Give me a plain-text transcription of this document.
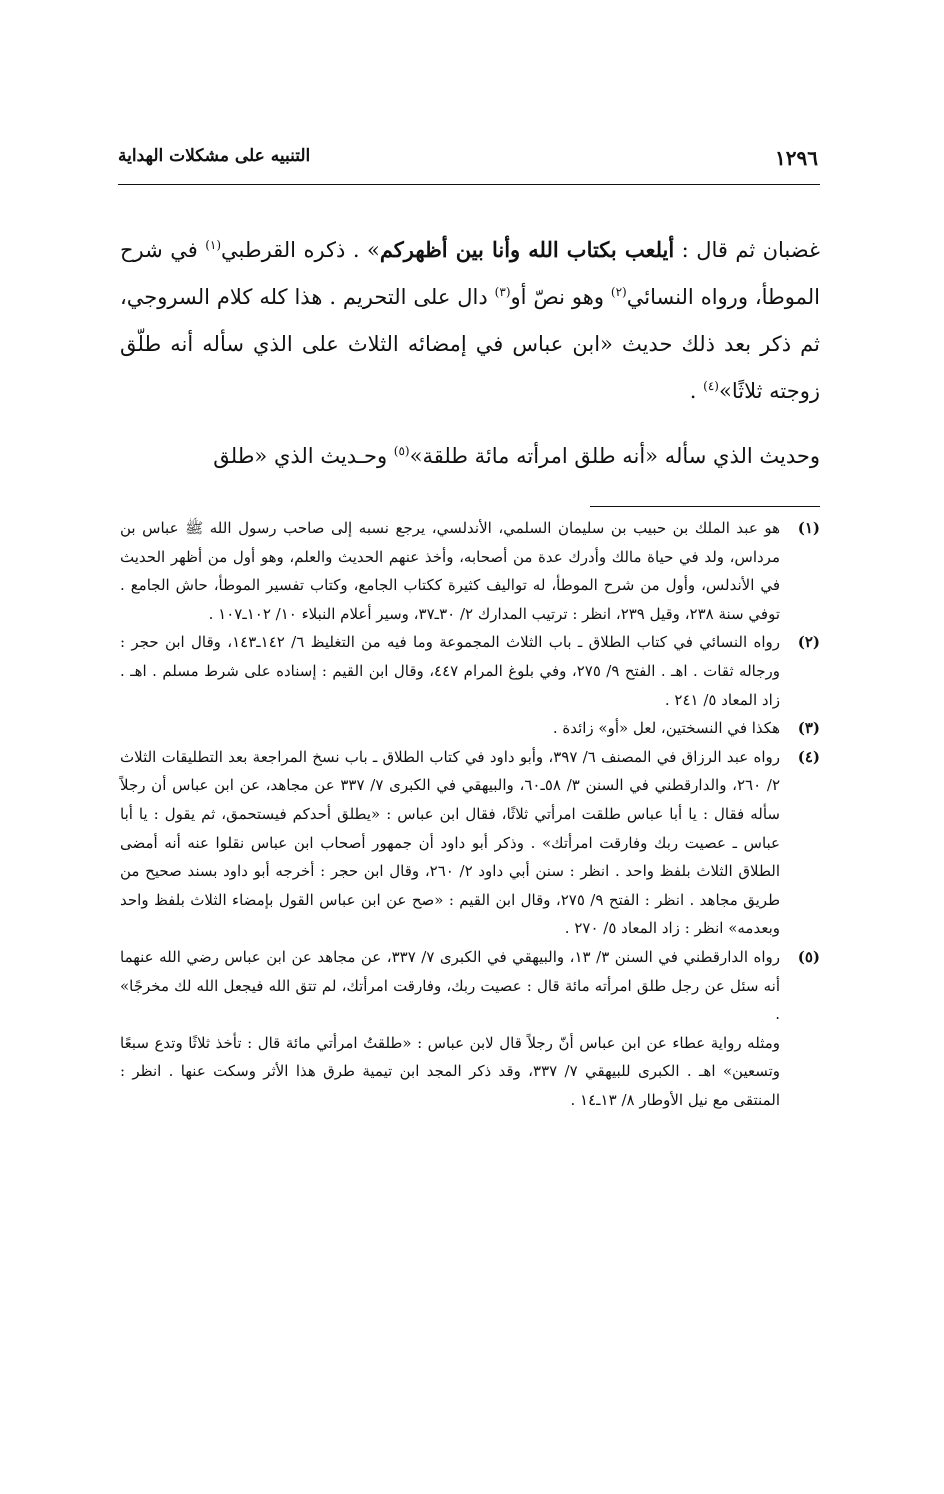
١٢٩٦
التنبيه على مشكلات الهداية

غضبان ثم قال : أيلعب بكتاب الله وأنا بين أظهركم» . ذكره القرطبي$^{(١)}$ في شرح الموطأ، ورواه النسائي$^{(٢)}$ وهو نصّ أو$^{(٣)}$ دال على التحريم . هذا كله كلام السروجي، ثم ذكر بعد ذلك حديث «ابن عباس في إمضائه الثلاث على الذي سأله أنه طلّق زوجته ثلاثًا»$^{(٤)}$ .

وحديث الذي سأله «أنه طلق امرأته مائة طلقة»$^{(٥)}$ وحـديث الذي «طلق

(١)
هو عبد الملك بن حبيب بن سليمان السلمي، الأندلسي، يرجع نسبه إلى صاحب رسول الله ﷺ عباس بن مرداس، ولد في حياة مالك وأدرك عدة من أصحابه، وأخذ عنهم الحديث والعلم، وهو أول من أظهر الحديث في الأندلس، وأول من شرح الموطأ، له تواليف كثيرة ككتاب الجامع، وكتاب تفسير الموطأ، حاش الجامع . توفي سنة ٢٣٨، وقيل ٢٣٩، انظر : ترتيب المدارك ٢/ ٣٠ـ٣٧، وسير أعلام النبلاء ١٠/ ١٠٢ـ١٠٧ .
(٢)
رواه النسائي في كتاب الطلاق ـ باب الثلاث المجموعة وما فيه من التغليظ ٦/ ١٤٢ـ١٤٣، وقال ابن حجر : ورجاله ثقات . اهـ . الفتح ٩/ ٢٧٥، وفي بلوغ المرام ٤٤٧، وقال ابن القيم : إسناده على شرط مسلم . اهـ . زاد المعاد ٥/ ٢٤١ .
(٣)
هكذا في النسختين، لعل «أو» زائدة .
(٤)
رواه عبد الرزاق في المصنف ٦/ ٣٩٧، وأبو داود في كتاب الطلاق ـ باب نسخ المراجعة بعد التطليقات الثلاث ٢/ ٢٦٠، والدارقطني في السنن ٣/ ٥٨ـ٦٠، والبيهقي في الكبرى ٧/ ٣٣٧ عن مجاهد، عن ابن عباس أن رجلاً سأله فقال : يا أبا عباس طلقت امرأتي ثلاثًا، فقال ابن عباس : «يطلق أحدكم فيستحمق، ثم يقول : يا أبا عباس ـ عصيت ربك وفارقت امرأتك» . وذكر أبو داود أن جمهور أصحاب ابن عباس نقلوا عنه أنه أمضى الطلاق الثلاث بلفظ واحد . انظر : سنن أبي داود ٢/ ٢٦٠، وقال ابن حجر : أخرجه أبو داود بسند صحيح من طريق مجاهد . انظر : الفتح ٩/ ٢٧٥، وقال ابن القيم : «صح عن ابن عباس القول بإمضاء الثلاث بلفظ واحد وبعدمه» انظر : زاد المعاد ٥/ ٢٧٠ .
(٥)
رواه الدارقطني في السنن ٣/ ١٣، والبيهقي في الكبرى ٧/ ٣٣٧، عن مجاهد عن ابن عباس رضي الله عنهما أنه سئل عن رجل طلق امرأته مائة قال : عصيت ربك، وفارقت امرأتك، لم تتق الله فيجعل الله لك مخرجًا» .

ومثله رواية عطاء عن ابن عباس أنّ رجلاً قال لابن عباس : «طلقتُ امرأتي مائة قال : تأخذ ثلاثًا وتدع سبعًا وتسعين» اهـ . الكبرى للبيهقي ٧/ ٣٣٧، وقد ذكر المجد ابن تيمية طرق هذا الأثر وسكت عنها . انظر : المنتقى مع نيل الأوطار ٨/ ١٣ـ١٤ .
